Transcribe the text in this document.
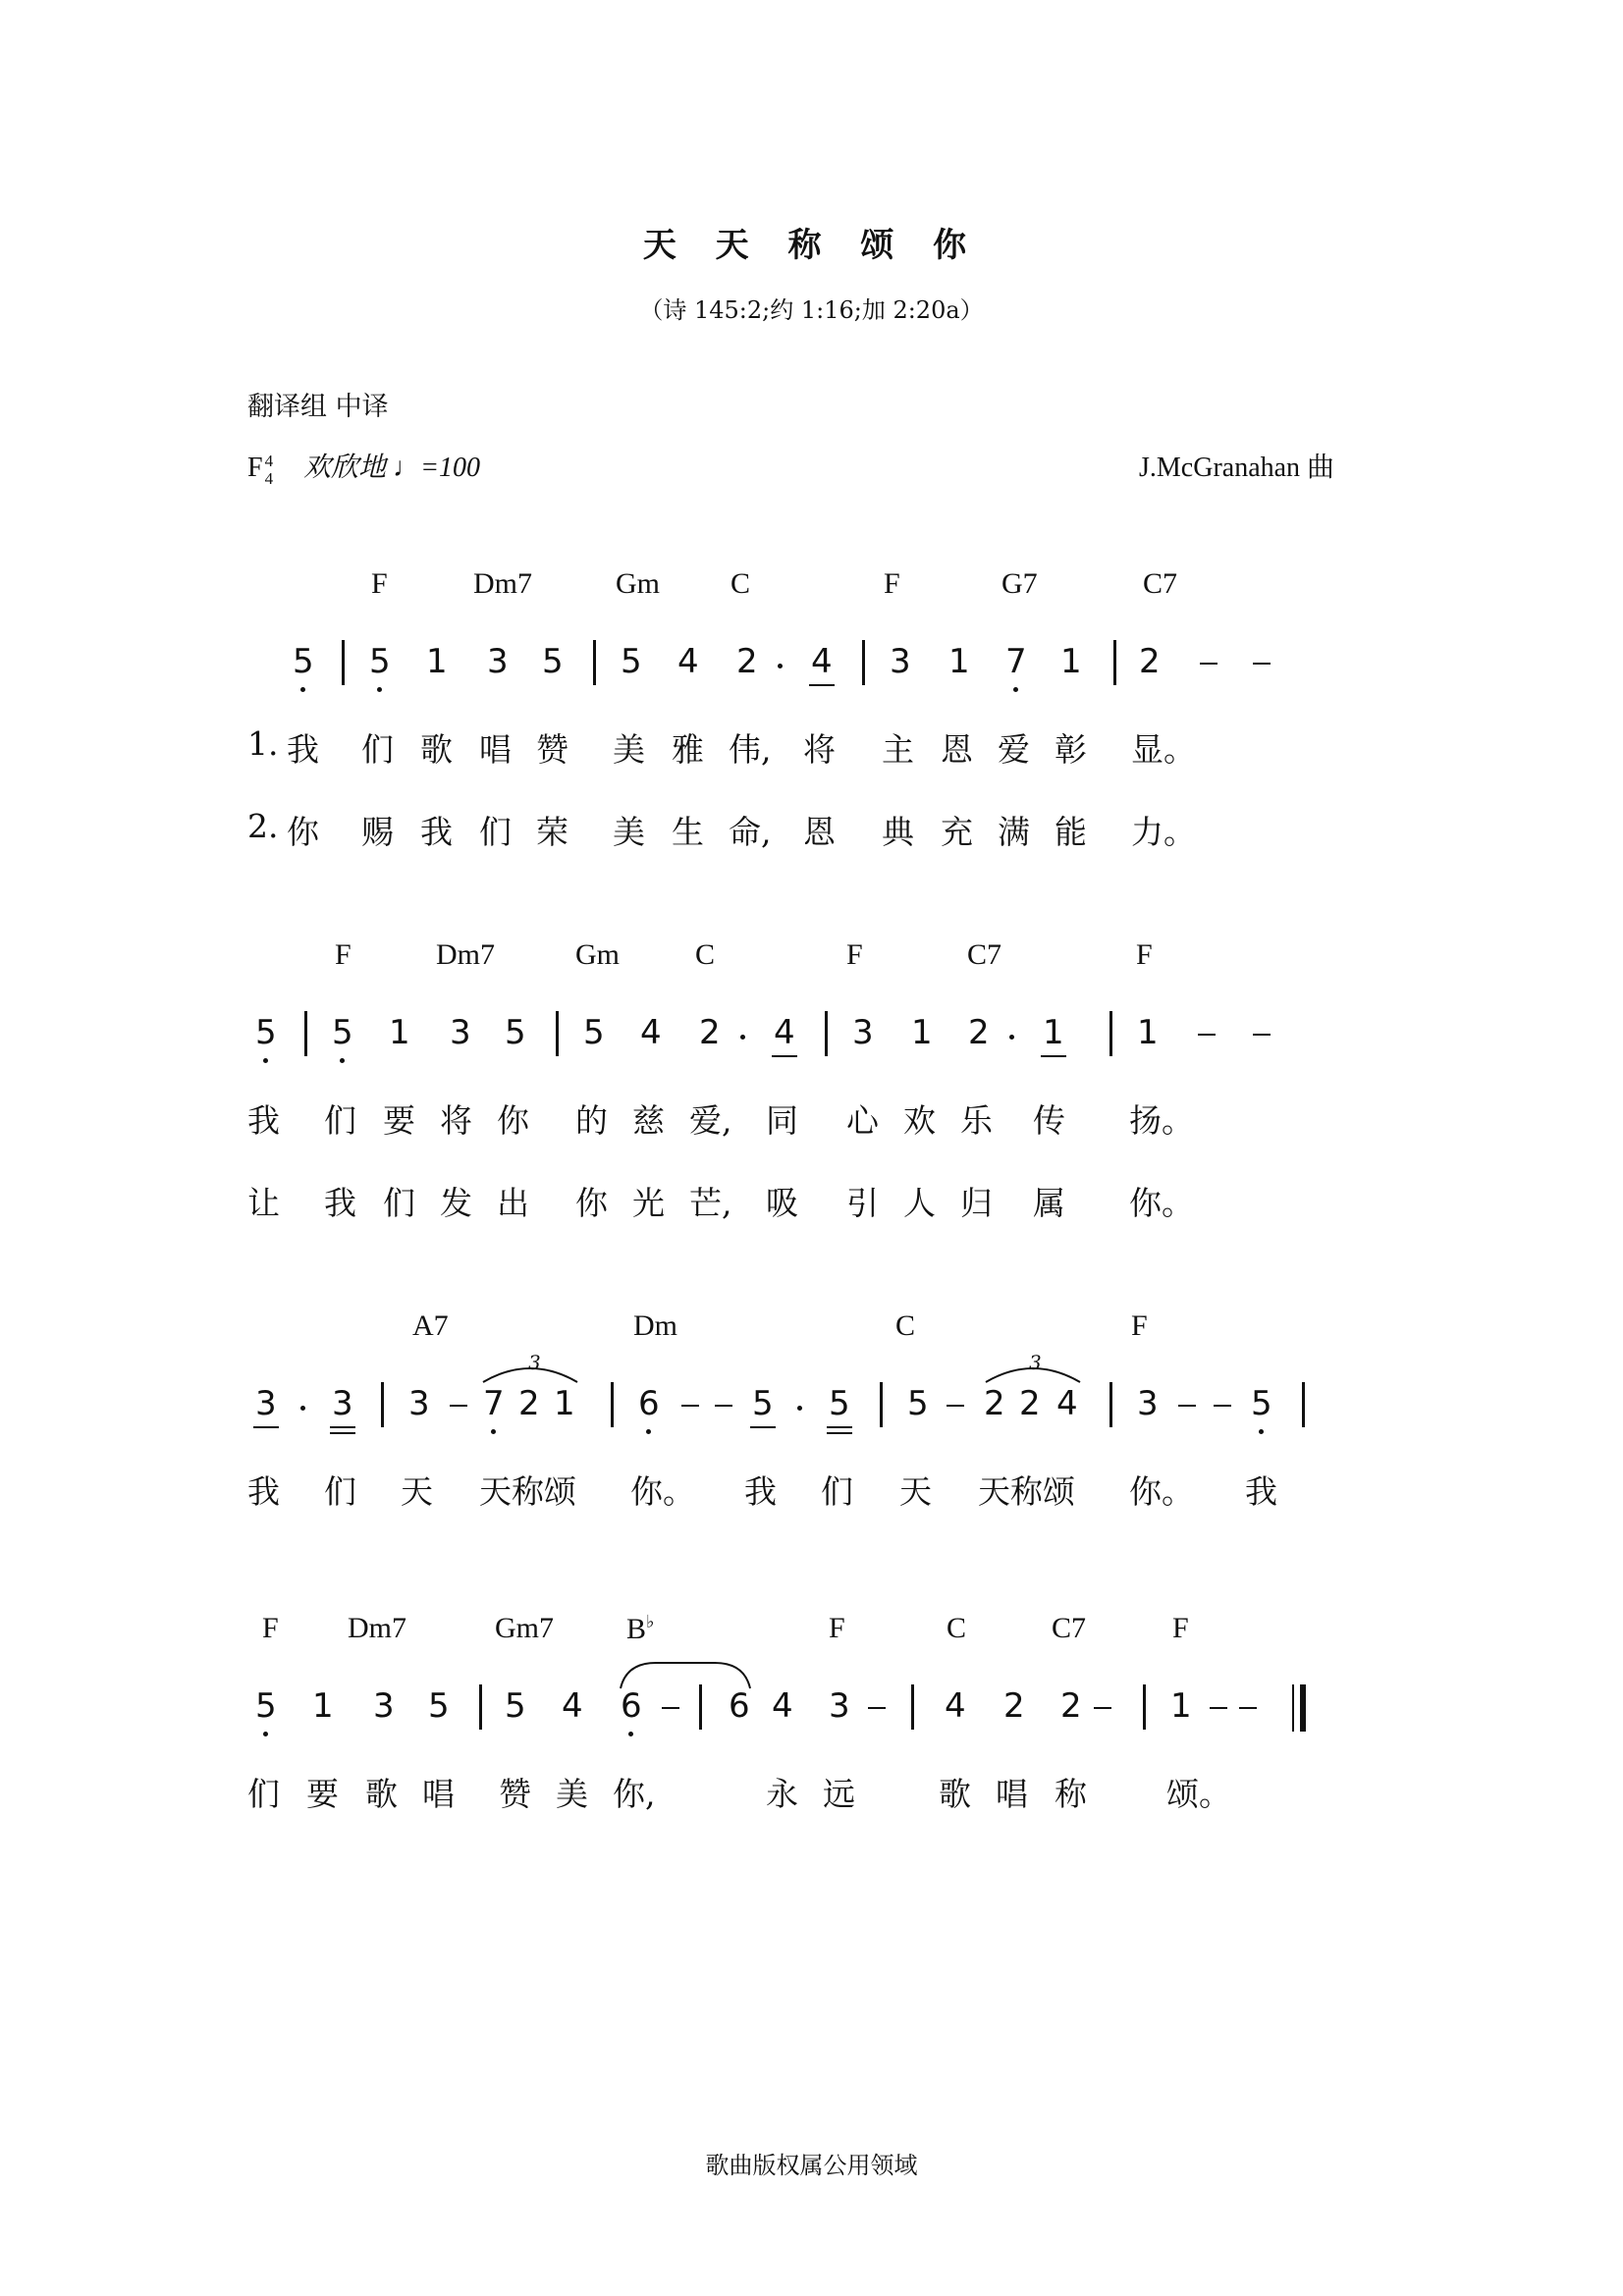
天 天 称 颂 你
（诗 145:2;约 1:16;加 2:20a）
翻译组 中译
F 4
4 欢欣地 ♩=100	J.McGranahan 曲
F	Dm7	Gm C	F	G7	C7
5 5 1 3 5 5 4 2 4 3 1 7 1 2
1. 我 们 歌 唱 赞 美 雅 伟, 将 主 恩 爱 彰 显。
2. 你 赐 我 们 荣 美 生 命, 恩 典 充 满 能 力。
F	Dm7	Gm	C	F	C7	F
5 5 1 3 5 5 4 2 4 3 1 2 1 1
我 们 要 将 你 的 慈 爱, 同 心 欢 乐 传 扬。
让 我 们 发 出 你 光 芒, 吸 引 人 归 属 你。
A7	Dm	C	F
3 3 3 7 2 1
3
6	5 5 5 2 2 4
3
3	5
我 们 天 天称颂 你。 我 们 天 天称颂 你。 我
F Dm7	Gm7 B♭	F	C	C7	F
5 1 3 5 5 4 6	6 4 3	4 2 2	1
们 要 歌 唱 赞 美 你,	永 远	歌 唱 称 颂。
歌曲版权属公用领域
